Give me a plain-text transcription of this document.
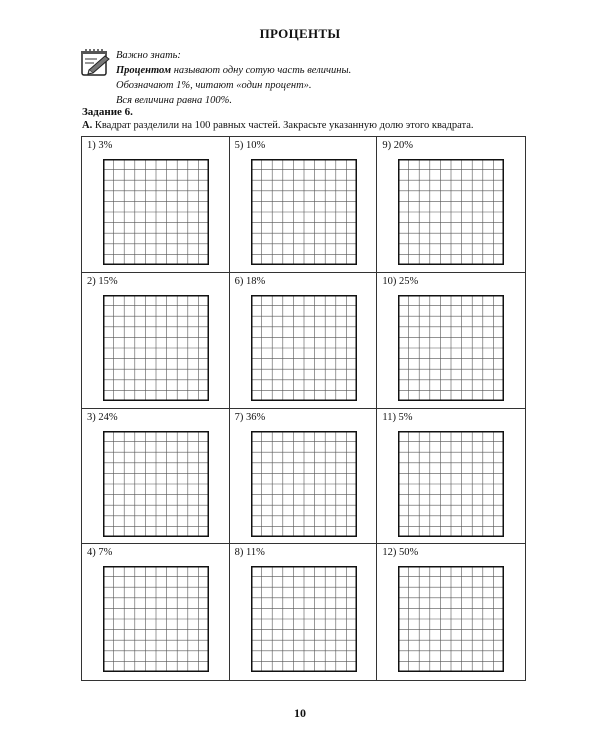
ПРОЦЕНТЫ
Важно знать:
Процентом называют одну сотую часть величины.
Обозначают 1%, читают «один процент».
Вся величина равна 100%.
Задание 6.
А. Квадрат разделили на 100 равных частей. Закрасьте указанную долю этого квадрата.
1) 3%	5) 10%	9) 20%
2) 15%	6) 18%	10) 25%
3) 24%	7) 36%	11) 5%
4) 7%	8) 11%	12) 50%
10
